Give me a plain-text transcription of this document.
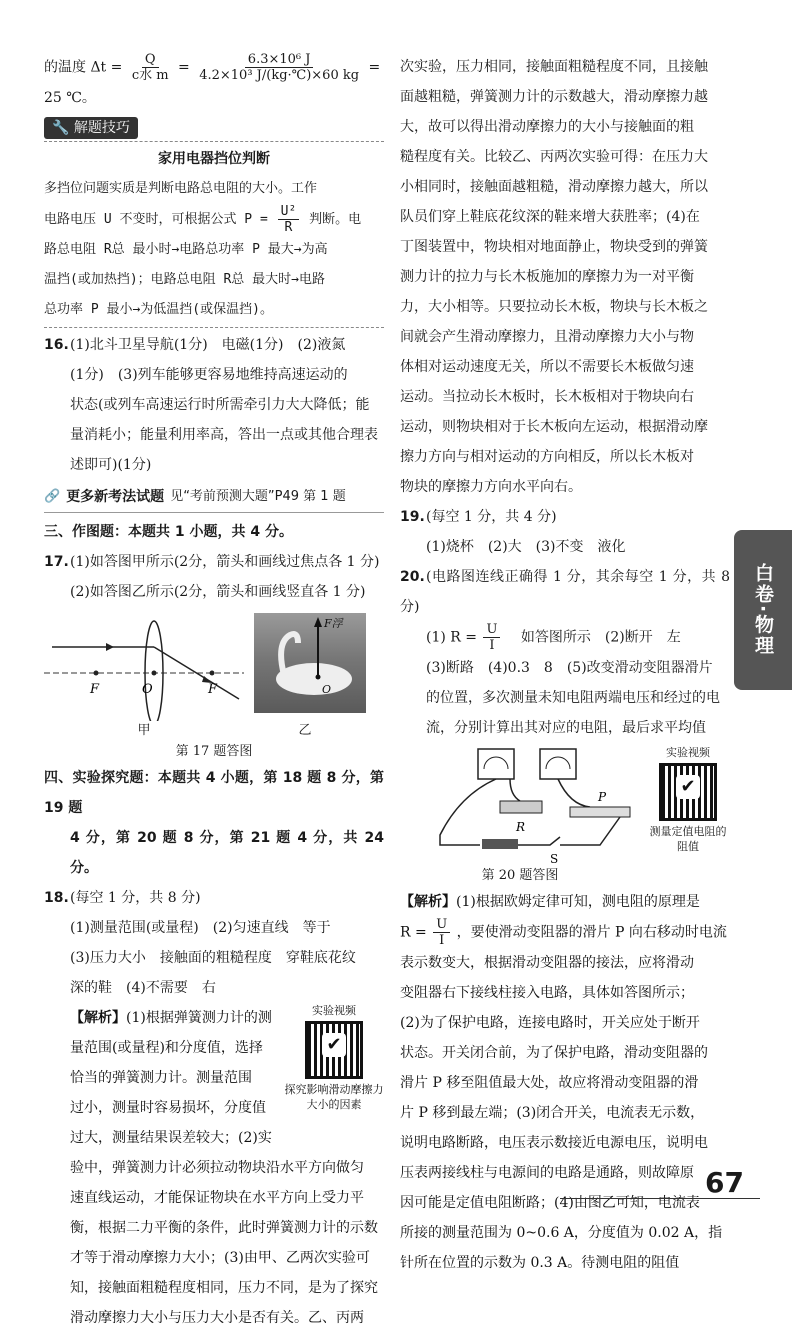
的温度 $\Delta t = \frac{Q}{\text{c水 m}} = \frac{\text{6.3×10⁶ J}}{\text{4.2×10³ J/(kg·℃)×60 kg}}$ =

25 ℃。

🔧 解题技巧

家用电器挡位判断

多挡位问题实质是判断电路总电阻的大小。工作

电路电压 U 不变时，可根据公式 $P = \frac{\text{U²}}{R}$ 判断。电

路总电阻 R总 最小时→电路总功率 P 最大→为高

温挡(或加热挡)；电路总电阻 R总 最大时→电路

总功率 P 最小→为低温挡(或保温挡)。

16.(1)北斗卫星导航(1分)　电磁(1分)　(2)液氮

(1分)　(3)列车能够更容易地维持高速运动的

状态(或列车高速运行时所需牵引力大大降低；能

量消耗小；能量利用率高，答出一点或其他合理表

述即可)(1分)

🔗 更多新考法试题 见“考前预测大题”P49 第 1 题

三、作图题：本题共 1 小题，共 4 分。

17.(1)如答图甲所示(2分，箭头和画线过焦点各 1 分)

(2)如答图乙所示(2分，箭头和画线竖直各 1 分)

F	O	F
F浮
O
甲	乙

第 17 题答图

四、实验探究题：本题共 4 小题，第 18 题 8 分，第 19 题

4 分，第 20 题 8 分，第 21 题 4 分，共 24 分。

18.(每空 1 分，共 8 分)

(1)测量范围(或量程)　(2)匀速直线　等于

(3)压力大小　接触面的粗糙程度　穿鞋底花纹

深的鞋　(4)不需要　右

实验视频
✔
探究影响滑动摩擦力大小的因素

【解析】(1)根据弹簧测力计的测

量范围(或量程)和分度值，选择

恰当的弹簧测力计。测量范围

过小，测量时容易损坏，分度值

过大，测量结果误差较大；(2)实

验中，弹簧测力计必须拉动物块沿水平方向做匀

速直线运动，才能保证物块在水平方向上受力平

衡，根据二力平衡的条件，此时弹簧测力计的示数

才等于滑动摩擦力大小；(3)由甲、乙两次实验可

知，接触面粗糙程度相同，压力不同，是为了探究

滑动摩擦力大小与压力大小是否有关。乙、丙两

次实验，压力相同，接触面粗糙程度不同，且接触

面越粗糙，弹簧测力计的示数越大，滑动摩擦力越

大，故可以得出滑动摩擦力的大小与接触面的粗

糙程度有关。比较乙、丙两次实验可得：在压力大

小相同时，接触面越粗糙，滑动摩擦力越大，所以

队员们穿上鞋底花纹深的鞋来增大获胜率；(4)在

丁图装置中，物块相对地面静止，物块受到的弹簧

测力计的拉力与长木板施加的摩擦力为一对平衡

力，大小相等。只要拉动长木板，物块与长木板之

间就会产生滑动摩擦力，且滑动摩擦力大小与物

体相对运动速度无关，所以不需要长木板做匀速

运动。当拉动长木板时，长木板相对于物块向右

运动，则物块相对于长木板向左运动，根据滑动摩

擦力方向与相对运动的方向相反，所以长木板对

物块的摩擦力方向水平向右。

19.(每空 1 分，共 4 分)

(1)烧杯　(2)大　(3)不变　液化

20.(电路图连线正确得 1 分，其余每空 1 分，共 8 分)

(1) $R = \frac{U}{I}$ 　如答图所示　(2)断开　左

(3)断路　(4)0.3　8　(5)改变滑动变阻器滑片

的位置，多次测量未知电阻两端电压和经过的电

流，分别计算出其对应的电阻，最后求平均值

R
P
S
实验视频
✔
测量定值电阻的阻值

第 20 题答图

【解析】(1)根据欧姆定律可知，测电阻的原理是

$R = \frac{U}{I}$ ，要使滑动变阻器的滑片 P 向右移动时电流

表示数变大，根据滑动变阻器的接法，应将滑动

变阻器右下接线柱接入电路，具体如答图所示；

(2)为了保护电路，连接电路时，开关应处于断开

状态。开关闭合前，为了保护电路，滑动变阻器的

滑片 P 移至阻值最大处，故应将滑动变阻器的滑

片 P 移到最左端；(3)闭合开关，电流表无示数，

说明电路断路，电压表示数接近电源电压，说明电

压表两接线柱与电源间的电路是通路，则故障原

因可能是定值电阻断路；(4)由图乙可知，电流表

所接的测量范围为 0~0.6 A，分度值为 0.02 A，指

针所在位置的示数为 0.3 A。待测电阻的阻值

白卷·物理
67
